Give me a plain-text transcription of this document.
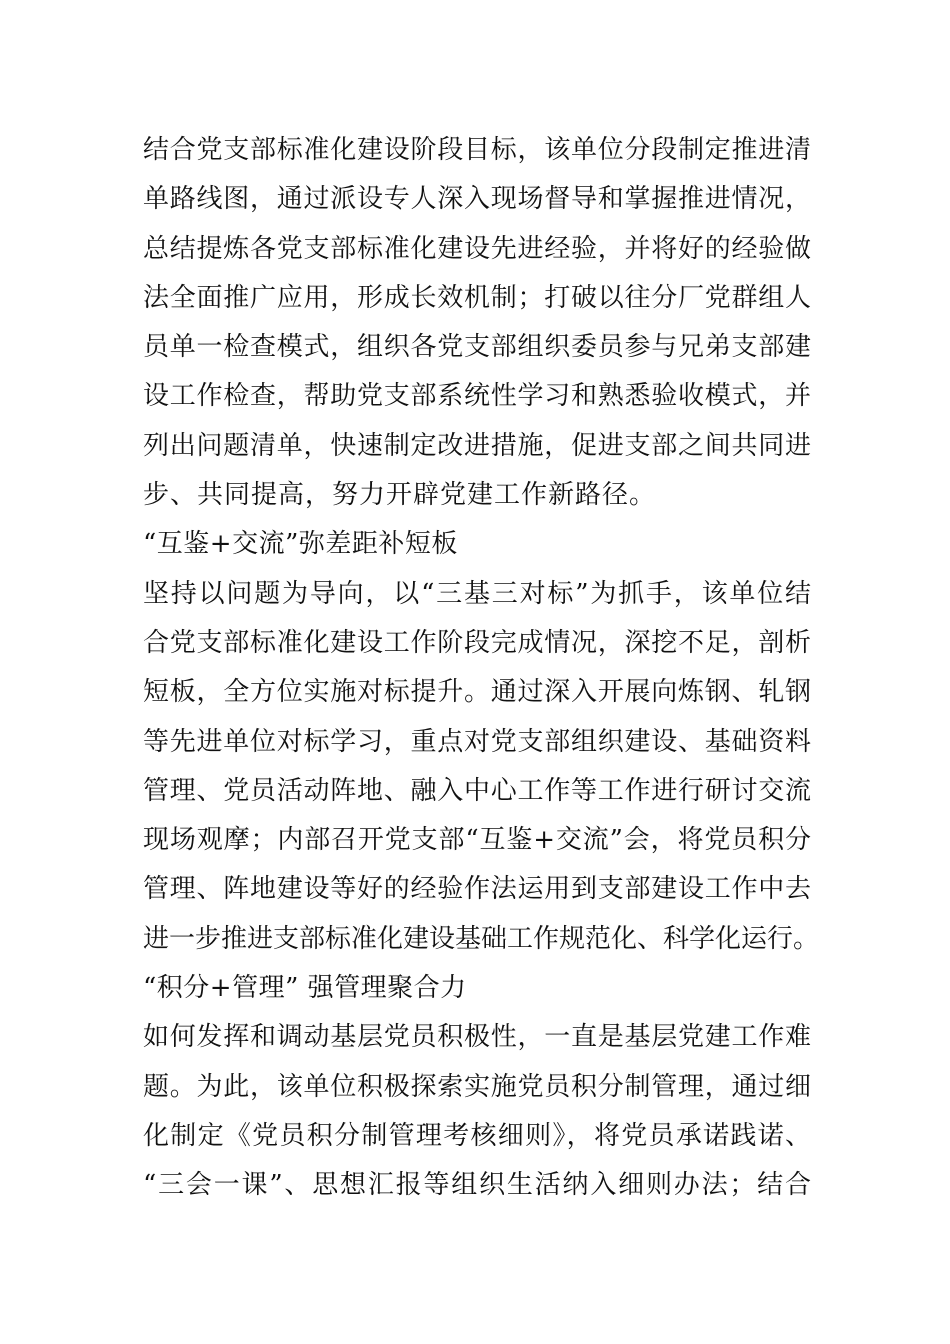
结合党支部标准化建设阶段目标，该单位分段制定推进清
单路线图，通过派设专人深入现场督导和掌握推进情况，
总结提炼各党支部标准化建设先进经验，并将好的经验做
法全面推广应用，形成长效机制；打破以往分厂党群组人
员单一检查模式，组织各党支部组织委员参与兄弟支部建
设工作检查，帮助党支部系统性学习和熟悉验收模式，并
列出问题清单，快速制定改进措施，促进支部之间共同进
步、共同提高，努力开辟党建工作新路径。
“互鉴+交流”弥差距补短板
坚持以问题为导向，以“三基三对标”为抓手，该单位结
合党支部标准化建设工作阶段完成情况，深挖不足，剖析
短板，全方位实施对标提升。通过深入开展向炼钢、轧钢
等先进单位对标学习，重点对党支部组织建设、基础资料
管理、党员活动阵地、融入中心工作等工作进行研讨交流
现场观摩；内部召开党支部“互鉴+交流”会，将党员积分
管理、阵地建设等好的经验作法运用到支部建设工作中去
进一步推进支部标准化建设基础工作规范化、科学化运行。
“积分+管理” 强管理聚合力
如何发挥和调动基层党员积极性，一直是基层党建工作难
题。为此，该单位积极探索实施党员积分制管理，通过细
化制定《党员积分制管理考核细则》，将党员承诺践诺、
“三会一课”、思想汇报等组织生活纳入细则办法；结合
